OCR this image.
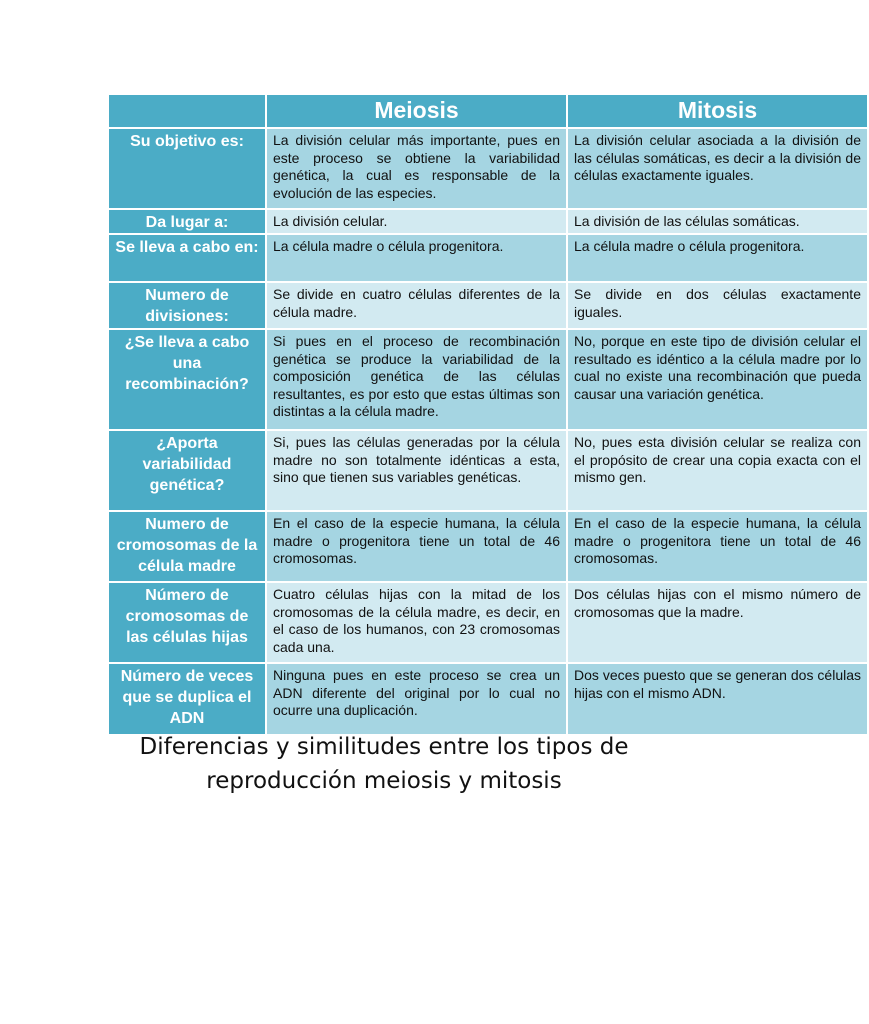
	Meiosis	Mitosis
Su objetivo es:	La división celular más importante, pues en este proceso se obtiene la variabilidad genética, la cual es responsable de la evolución de las especies.	La división celular asociada a la división de las células somáticas, es decir a la división de células exactamente iguales.
Da lugar a:	La división celular.	La división de las células somáticas.
Se lleva a cabo en:	La célula madre o célula progenitora.	La célula madre o célula progenitora.
Numero de divisiones:	Se divide en cuatro células diferentes de la célula madre.	Se divide en dos células exactamente iguales.
¿Se lleva a cabo una recombinación?	Si pues en el proceso de recombinación genética se produce la variabilidad de la composición genética de las células resultantes, es por esto que estas últimas son distintas a la célula madre.	No, porque en este tipo de división celular el resultado es idéntico a la célula madre por lo cual no existe una recombinación que pueda causar una variación genética.
¿Aporta variabilidad genética?	Si, pues las células generadas por la célula madre no son totalmente idénticas a esta, sino que tienen sus variables genéticas.	No, pues esta división celular se realiza con el propósito de crear una copia exacta con el mismo gen.
Numero de cromosomas de la célula madre	En el caso de la especie humana, la célula madre o progenitora tiene un total de 46 cromosomas.	En el caso de la especie humana, la célula madre o progenitora tiene un total de 46 cromosomas.
Número de cromosomas de las células hijas	Cuatro células hijas con la mitad de los cromosomas de la célula madre, es decir, en el caso de los humanos, con 23 cromosomas cada una.	Dos células hijas con el mismo número de cromosomas que la madre.
Número de veces que se duplica el ADN	Ninguna pues en este proceso se crea un ADN diferente del original por lo cual no ocurre una duplicación.	Dos veces puesto que se generan dos células hijas con el mismo ADN.
Diferencias y similitudes entre los tipos de
reproducción meiosis y mitosis
